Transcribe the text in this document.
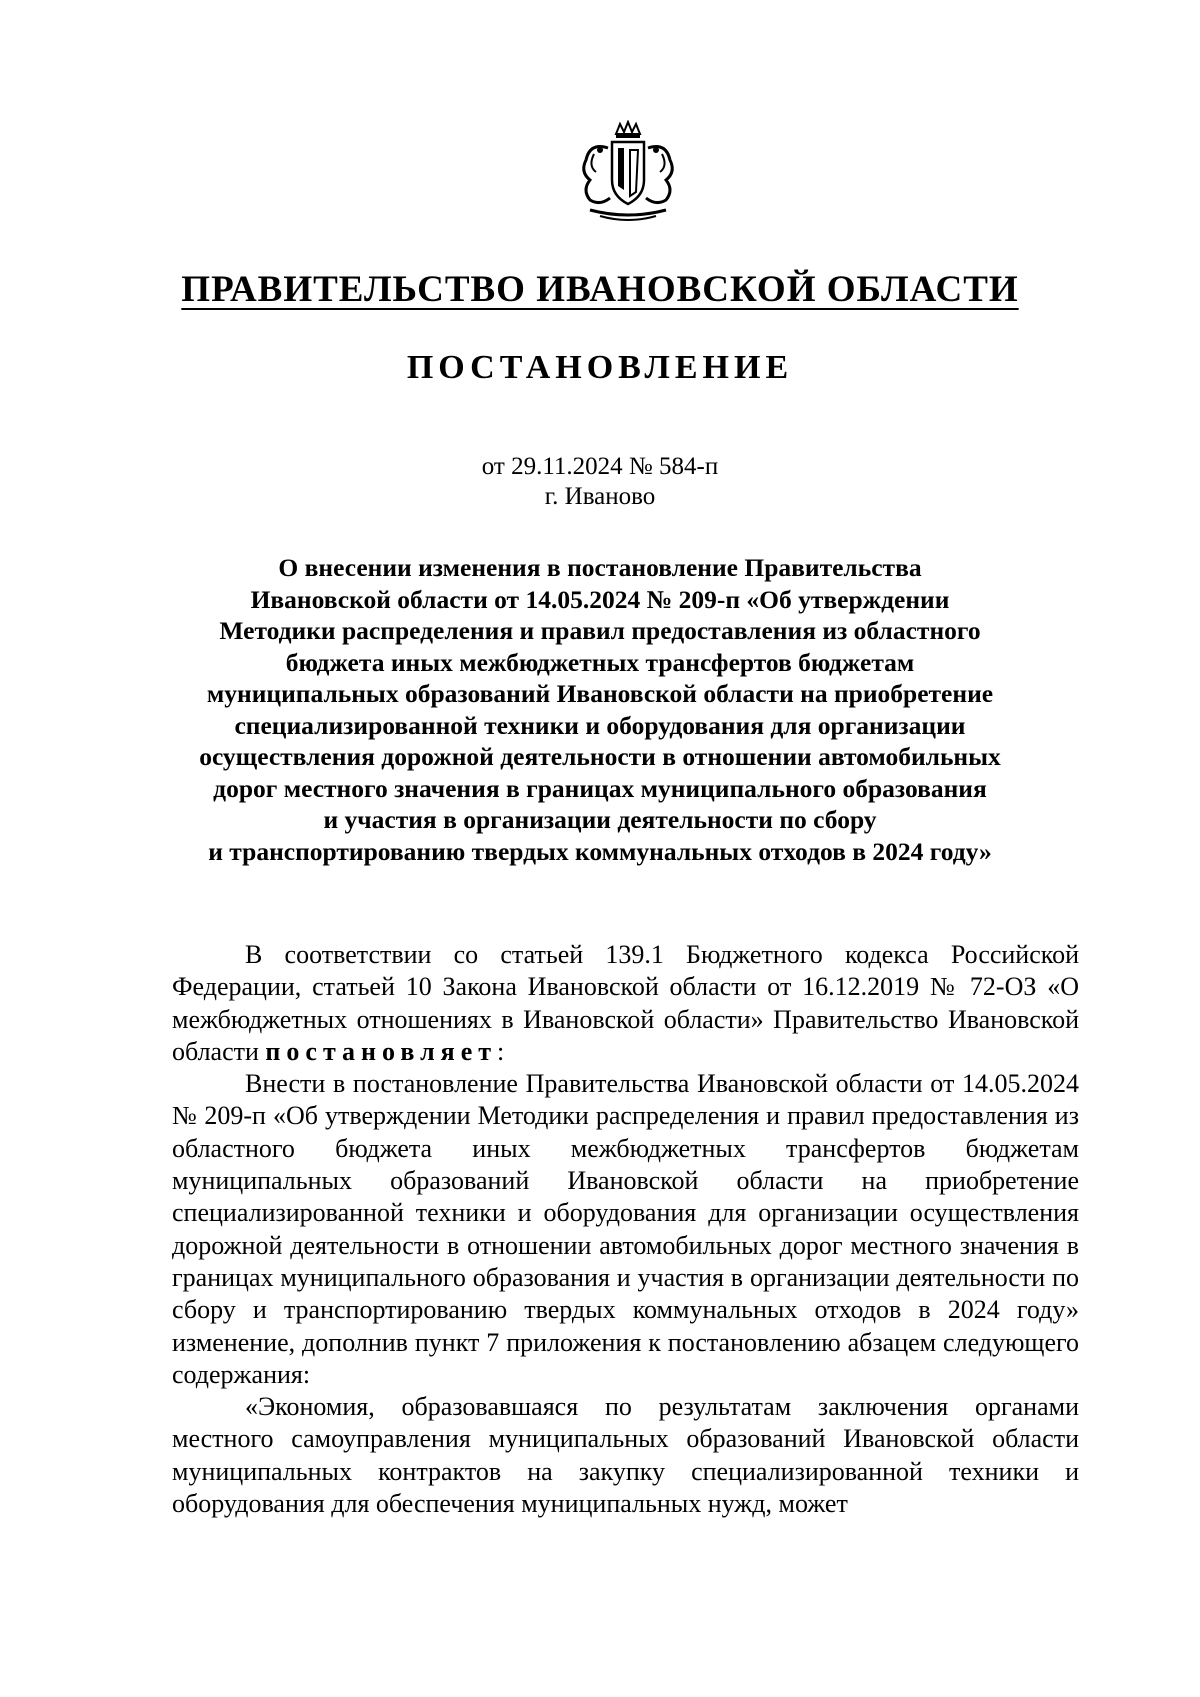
ПРАВИТЕЛЬСТВО ИВАНОВСКОЙ ОБЛАСТИ
ПОСТАНОВЛЕНИЕ
от 29.11.2024 № 584-п
г. Иваново
О внесении изменения в постановление Правительства
Ивановской области от 14.05.2024 № 209-п «Об утверждении
Методики распределения и правил предоставления из областного
бюджета иных межбюджетных трансфертов бюджетам
муниципальных образований Ивановской области на приобретение
специализированной техники и оборудования для организации
осуществления дорожной деятельности в отношении автомобильных
дорог местного значения в границах муниципального образования
и участия в организации деятельности по сбору
и транспортированию твердых коммунальных отходов в 2024 году»

В соответствии со статьей 139.1 Бюджетного кодекса Российской Федерации, статьей 10 Закона Ивановской области от 16.12.2019 № 72-ОЗ «О межбюджетных отношениях в Ивановской области» Правительство Ивановской области постановляет:

Внести в постановление Правительства Ивановской области от 14.05.2024 № 209-п «Об утверждении Методики распределения и правил предоставления из областного бюджета иных межбюджетных трансфертов бюджетам муниципальных образований Ивановской области на приобретение специализированной техники и оборудования для организации осуществления дорожной деятельности в отношении автомобильных дорог местного значения в границах муниципального образования и участия в организации деятельности по сбору и транспортированию твердых коммунальных отходов в 2024 году» изменение, дополнив пункт 7 приложения к постановлению абзацем следующего содержания:

«Экономия, образовавшаяся по результатам заключения органами местного самоуправления муниципальных образований Ивановской области муниципальных контрактов на закупку специализированной техники и оборудования для обеспечения муниципальных нужд, может
